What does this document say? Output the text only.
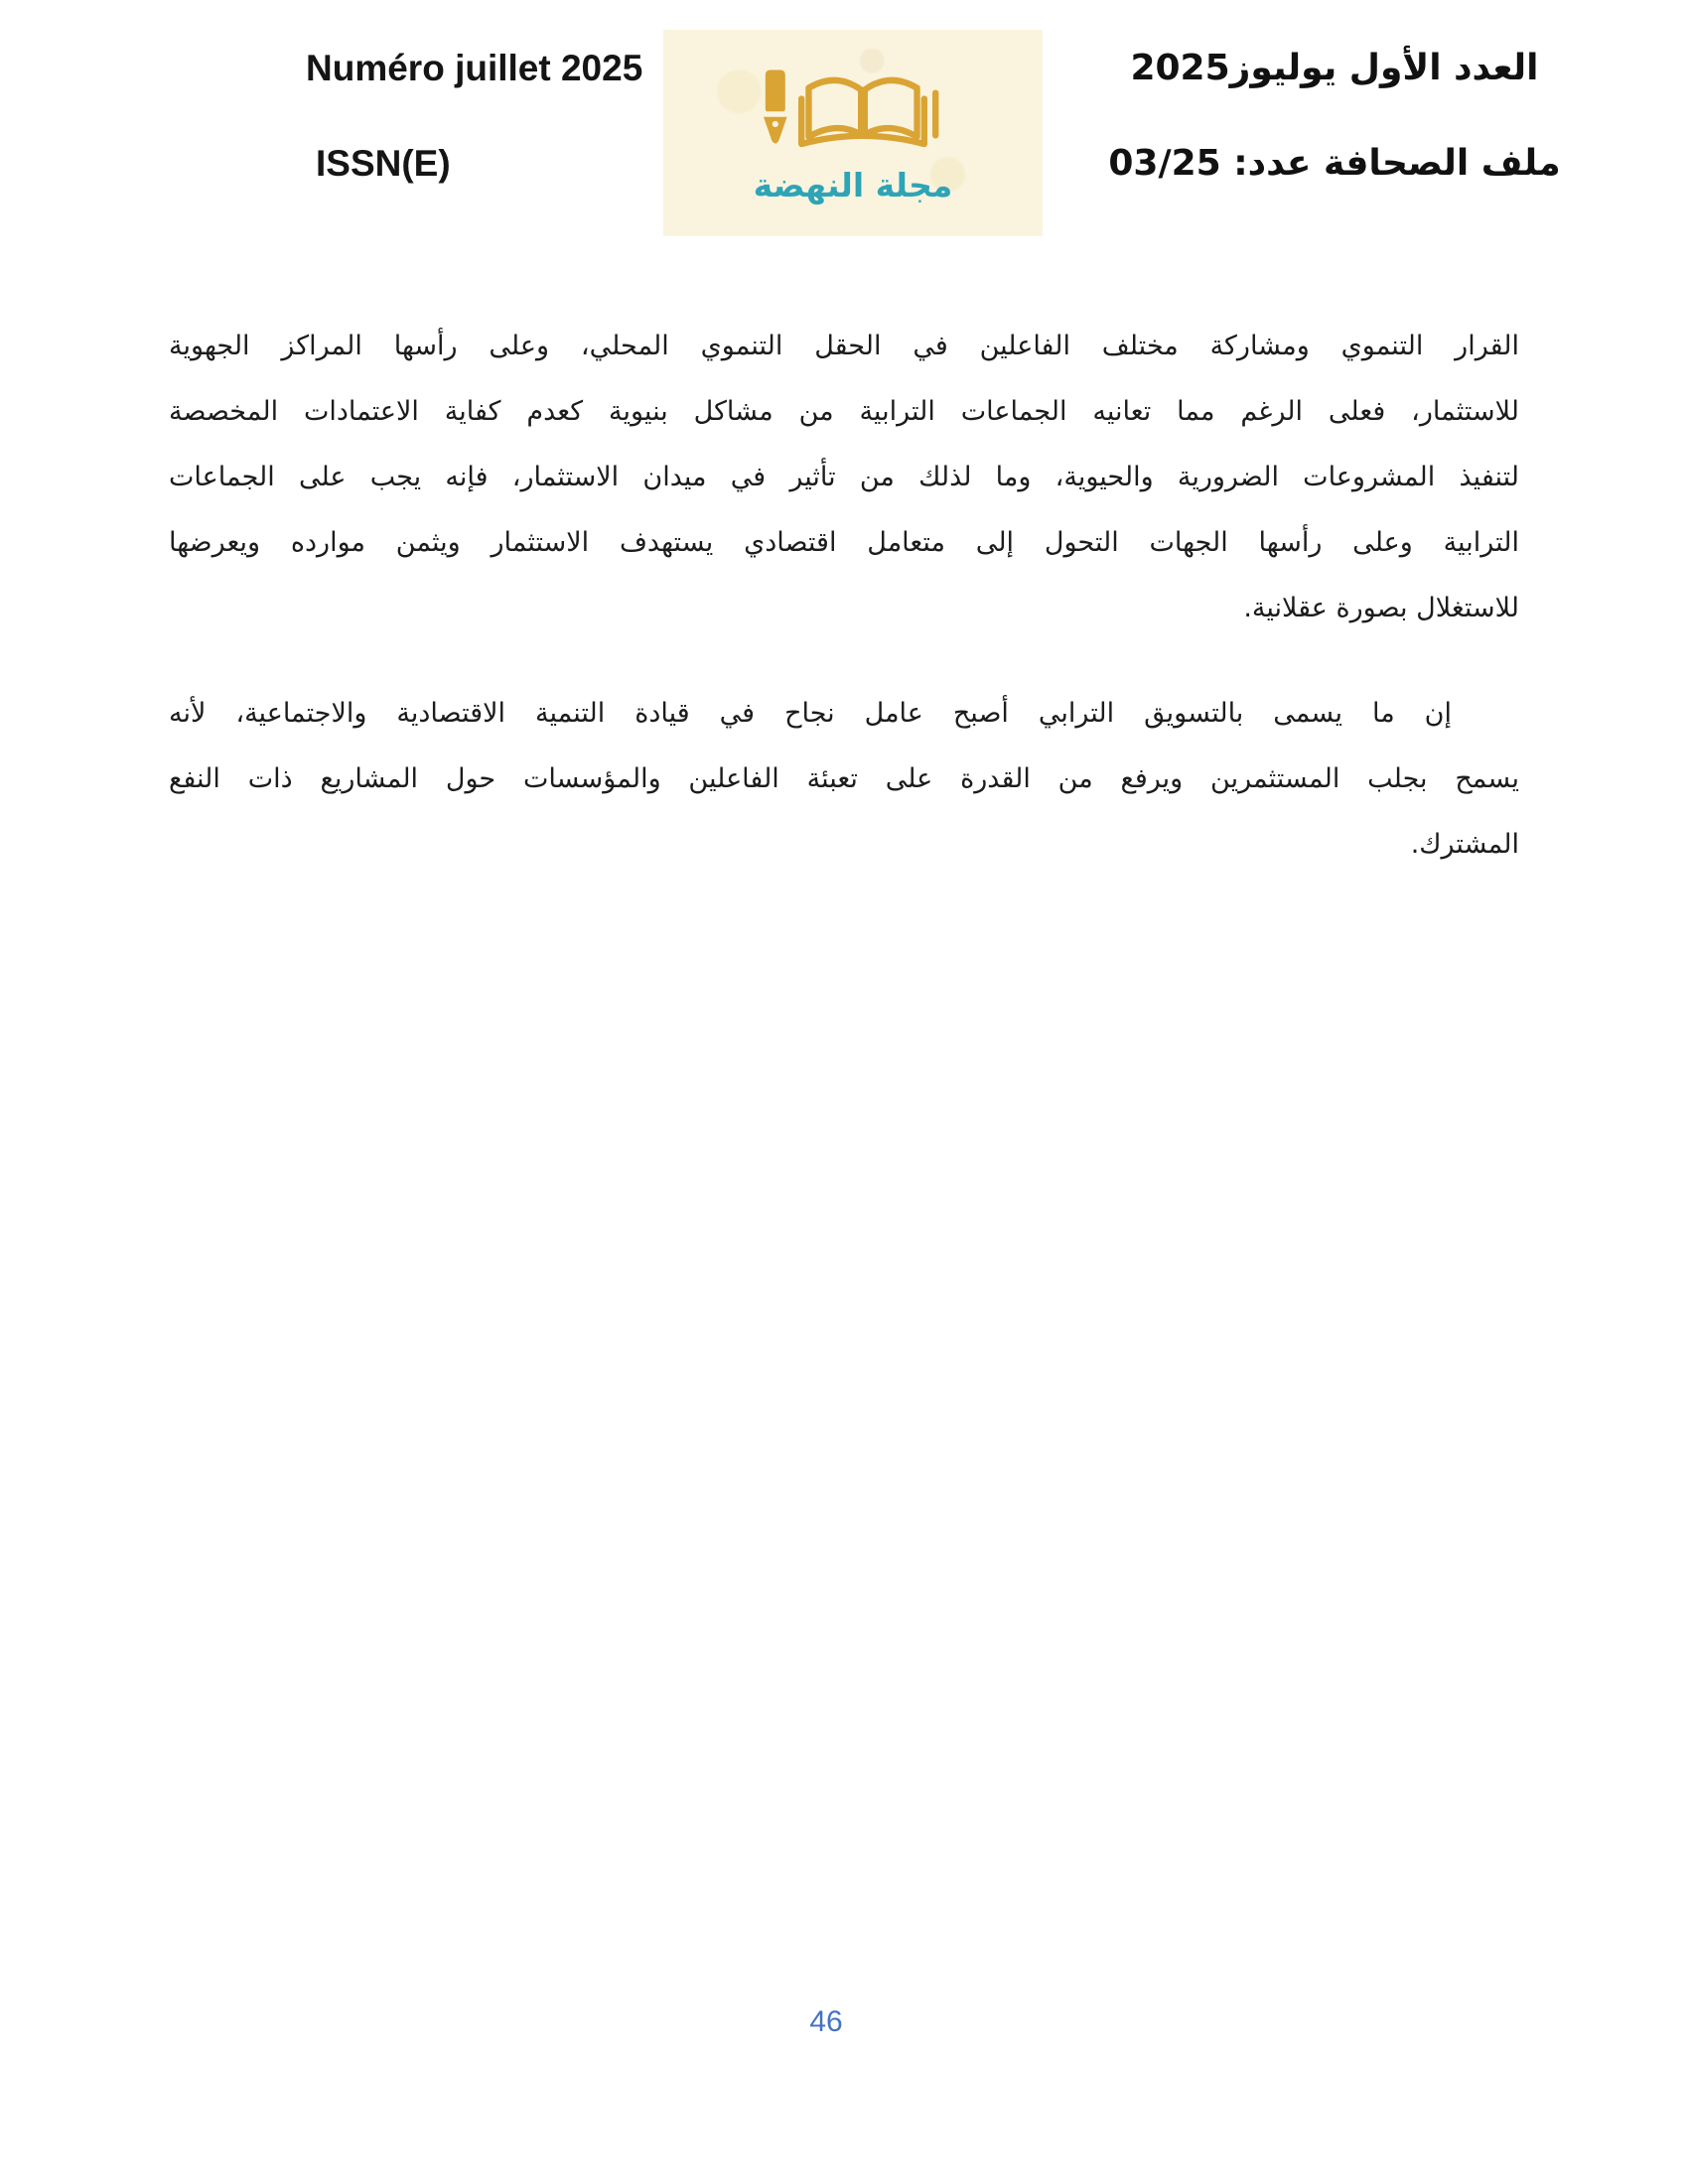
Numéro juillet 2025
ISSN(E)
مجلة النهضة
العدد الأول يوليوز2025
ملف الصحافة عدد: 03/25
القرار التنموي ومشاركة مختلف الفاعلين في الحقل التنموي المحلي، وعلى رأسها المراكز الجهوية
للاستثمار، فعلى الرغم مما تعانيه الجماعات الترابية من مشاكل بنيوية كعدم كفاية الاعتمادات المخصصة
لتنفيذ المشروعات الضرورية والحيوية، وما لذلك من تأثير في ميدان الاستثمار، فإنه يجب على الجماعات
الترابية وعلى رأسها الجهات التحول إلى متعامل اقتصادي يستهدف الاستثمار ويثمن موارده ويعرضها
للاستغلال بصورة عقلانية.
إن ما يسمى بالتسويق الترابي أصبح عامل نجاح في قيادة التنمية الاقتصادية والاجتماعية، لأنه
يسمح بجلب المستثمرين ويرفع من القدرة على تعبئة الفاعلين والمؤسسات حول المشاريع ذات النفع
المشترك.
46
